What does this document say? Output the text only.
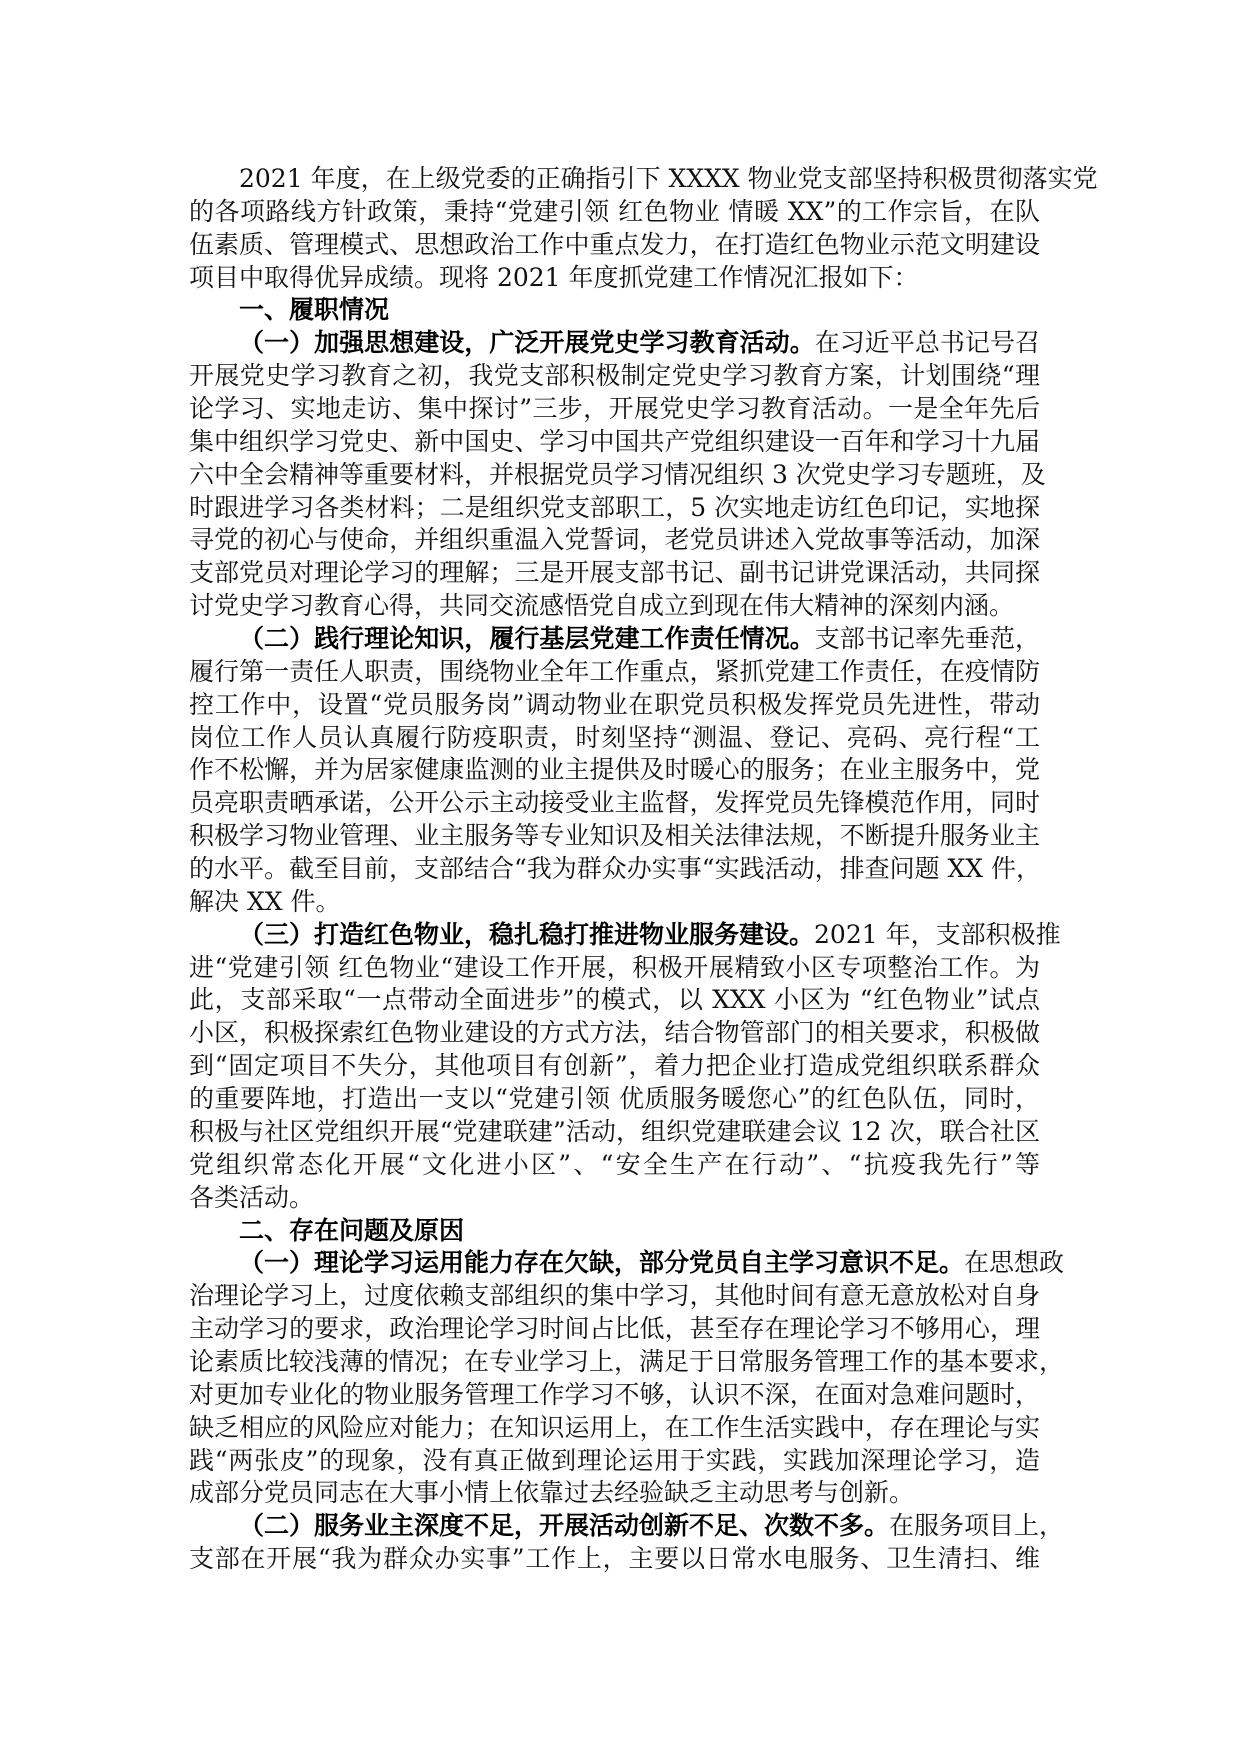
2021 年度，在上级党委的正确指引下 XXXX 物业党支部坚持积极贯彻落实党
的各项路线方针政策，秉持“党建引领 红色物业 情暖 XX”的工作宗旨，在队
伍素质、管理模式、思想政治工作中重点发力，在打造红色物业示范文明建设
项目中取得优异成绩。现将 2021 年度抓党建工作情况汇报如下：
一、履职情况
（一）加强思想建设，广泛开展党史学习教育活动。在习近平总书记号召
开展党史学习教育之初，我党支部积极制定党史学习教育方案，计划围绕“理
论学习、实地走访、集中探讨”三步，开展党史学习教育活动。一是全年先后
集中组织学习党史、新中国史、学习中国共产党组织建设一百年和学习十九届
六中全会精神等重要材料，并根据党员学习情况组织 3 次党史学习专题班，及
时跟进学习各类材料；二是组织党支部职工，5 次实地走访红色印记，实地探
寻党的初心与使命，并组织重温入党誓词，老党员讲述入党故事等活动，加深
支部党员对理论学习的理解；三是开展支部书记、副书记讲党课活动，共同探
讨党史学习教育心得，共同交流感悟党自成立到现在伟大精神的深刻内涵。
（二）践行理论知识，履行基层党建工作责任情况。支部书记率先垂范，
履行第一责任人职责，围绕物业全年工作重点，紧抓党建工作责任，在疫情防
控工作中，设置“党员服务岗”调动物业在职党员积极发挥党员先进性，带动
岗位工作人员认真履行防疫职责，时刻坚持“测温、登记、亮码、亮行程“工
作不松懈，并为居家健康监测的业主提供及时暖心的服务；在业主服务中，党
员亮职责晒承诺，公开公示主动接受业主监督，发挥党员先锋模范作用，同时
积极学习物业管理、业主服务等专业知识及相关法律法规，不断提升服务业主
的水平。截至目前，支部结合“我为群众办实事“实践活动，排查问题 XX 件，
解决 XX 件。
（三）打造红色物业，稳扎稳打推进物业服务建设。2021 年，支部积极推
进“党建引领 红色物业“建设工作开展，积极开展精致小区专项整治工作。为
此，支部采取“一点带动全面进步”的模式，以 XXX 小区为 “红色物业”试点
小区，积极探索红色物业建设的方式方法，结合物管部门的相关要求，积极做
到“固定项目不失分，其他项目有创新”，着力把企业打造成党组织联系群众
的重要阵地，打造出一支以“党建引领 优质服务暖您心”的红色队伍，同时，
积极与社区党组织开展“党建联建”活动，组织党建联建会议 12 次，联合社区
党组织常态化开展“文化进小区”、“安全生产在行动”、“抗疫我先行”等
各类活动。
二、存在问题及原因
（一）理论学习运用能力存在欠缺，部分党员自主学习意识不足。在思想政
治理论学习上，过度依赖支部组织的集中学习，其他时间有意无意放松对自身
主动学习的要求，政治理论学习时间占比低，甚至存在理论学习不够用心，理
论素质比较浅薄的情况；在专业学习上，满足于日常服务管理工作的基本要求，
对更加专业化的物业服务管理工作学习不够，认识不深，在面对急难问题时，
缺乏相应的风险应对能力；在知识运用上，在工作生活实践中，存在理论与实
践“两张皮”的现象，没有真正做到理论运用于实践，实践加深理论学习，造
成部分党员同志在大事小情上依靠过去经验缺乏主动思考与创新。
（二）服务业主深度不足，开展活动创新不足、次数不多。在服务项目上，
支部在开展“我为群众办实事”工作上，主要以日常水电服务、卫生清扫、维
